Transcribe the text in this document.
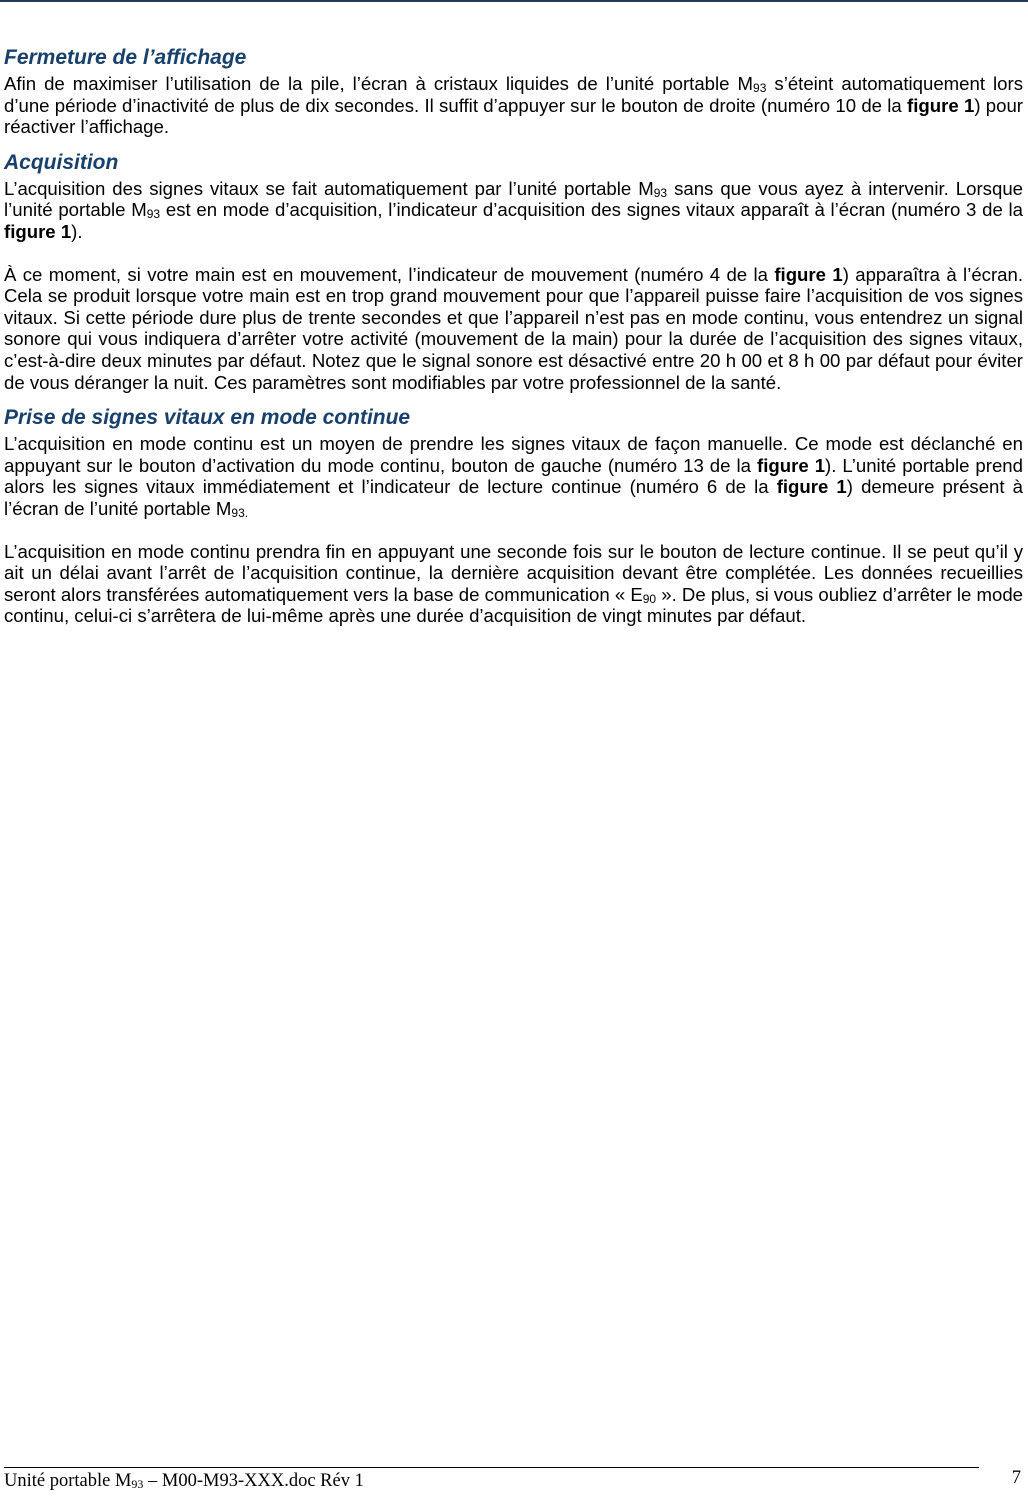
Fermeture de l’affichage

Afin de maximiser l’utilisation de la pile, l’écran à cristaux liquides de l’unité portable $M_{93}$ s’éteint automatiquement lors d’une période d’inactivité de plus de dix secondes. Il suffit d’appuyer sur le bouton de droite (numéro 10 de la figure 1) pour réactiver l’affichage.

Acquisition

L’acquisition des signes vitaux se fait automatiquement par l’unité portable $M_{93}$ sans que vous ayez à intervenir. Lorsque l’unité portable $M_{93}$ est en mode d’acquisition, l’indicateur d’acquisition des signes vitaux apparaît à l’écran (numéro 3 de la figure 1).

À ce moment, si votre main est en mouvement, l’indicateur de mouvement (numéro 4 de la figure 1) apparaîtra à l’écran. Cela se produit lorsque votre main est en trop grand mouvement pour que l’appareil puisse faire l’acquisition de vos signes vitaux. Si cette période dure plus de trente secondes et que l’appareil n’est pas en mode continu, vous entendrez un signal sonore qui vous indiquera d’arrêter votre activité (mouvement de la main) pour la durée de l’acquisition des signes vitaux, c’est-à-dire deux minutes par défaut. Notez que le signal sonore est désactivé entre 20 h 00 et 8 h 00 par défaut pour éviter de vous déranger la nuit. Ces paramètres sont modifiables par votre professionnel de la santé.

Prise de signes vitaux en mode continue

L’acquisition en mode continu est un moyen de prendre les signes vitaux de façon manuelle. Ce mode est déclanché en appuyant sur le bouton d’activation du mode continu, bouton de gauche (numéro 13 de la figure 1). L’unité portable prend alors les signes vitaux immédiatement et l’indicateur de lecture continue (numéro 6 de la figure 1) demeure présent à l’écran de l’unité portable $M_{93.}$

L’acquisition en mode continu prendra fin en appuyant une seconde fois sur le bouton de lecture continue. Il se peut qu’il y ait un délai avant l’arrêt de l’acquisition continue, la dernière acquisition devant être complétée. Les données recueillies seront alors transférées automatiquement vers la base de communication « $E_{90}$ ». De plus, si vous oubliez d’arrêter le mode continu, celui-ci s’arrêtera de lui-même après une durée d’acquisition de vingt minutes par défaut.

Unité portable $M_{93} - M00-M93-XXX.doc$ Rév 1	7
